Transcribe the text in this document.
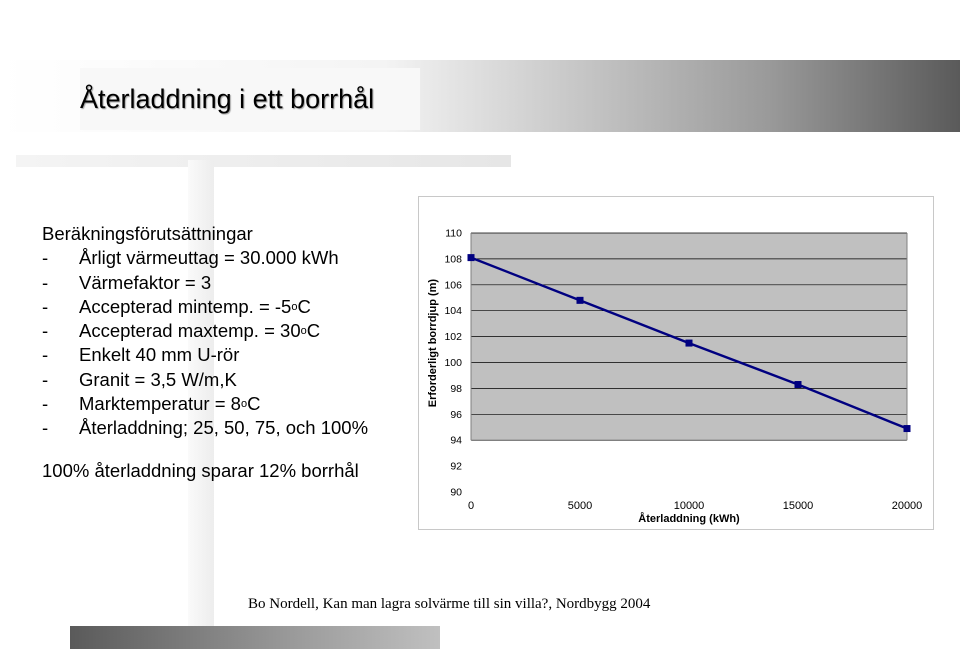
Återladdning i ett borrhål
Beräkningsförutsättningar
-	Årligt värmeuttag = 30.000 kWh
-	Värmefaktor = 3
-	Accepterad mintemp. = -5 o C
-	Accepterad maxtemp. = 30 o C
-	Enkelt 40 mm U-rör
-	Granit = 3,5 W/m,K
-	Marktemperatur = 8 o C
-	Återladdning; 25, 50, 75, och 100%
100% återladdning sparar 12% borrhål
110
108
106
104
102
100
98
96
94
92
90
0	5000	10000	15000	20000
Återladdning (kWh)
Erforderligt borrdjup (m)
Bo Nordell, Kan man lagra solvärme till sin villa?, Nordbygg 2004
